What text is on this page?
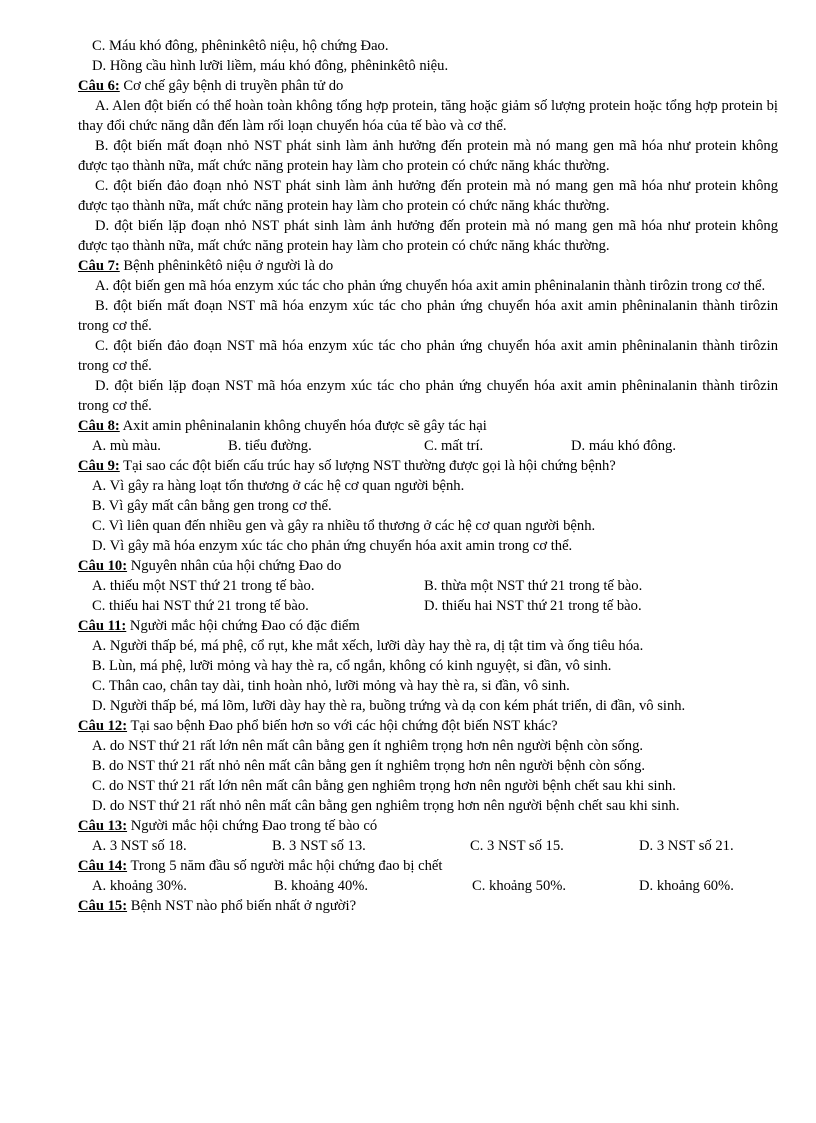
C. Máu khó đông, phêninkêtô niệu, hộ chứng Đao.

D. Hồng cầu hình lưỡi liềm, máu khó đông, phêninkêtô niệu.

Câu 6: Cơ chế gây bệnh di truyền phân tử do

A. Alen đột biến có thể hoàn toàn không tổng hợp protein, tăng hoặc giảm số lượng protein hoặc tổng hợp protein bị thay đổi chức năng dẫn đến làm rối loạn chuyển hóa của tế bào và cơ thể.

B. đột biến mất đoạn nhỏ NST phát sinh làm ảnh hưởng đến protein mà nó mang gen mã hóa như protein không được tạo thành nữa, mất chức năng protein hay làm cho protein có chức năng khác thường.

C. đột biến đảo đoạn nhỏ NST phát sinh làm ảnh hưởng đến protein mà nó mang gen mã hóa như protein không được tạo thành nữa, mất chức năng protein hay làm cho protein có chức năng khác thường.

D. đột biến lặp đoạn nhỏ NST phát sinh làm ảnh hưởng đến protein mà nó mang gen mã hóa như protein không được tạo thành nữa, mất chức năng protein hay làm cho protein có chức năng khác thường.

Câu 7: Bệnh phêninkêtô niệu ở người là do

A. đột biến gen mã hóa enzym xúc tác cho phản ứng chuyển hóa axit amin phêninalanin thành tirôzin trong cơ thể.

B. đột biến mất đoạn NST mã hóa enzym xúc tác cho phản ứng chuyển hóa axit amin phêninalanin thành tirôzin trong cơ thể.

C. đột biến đảo đoạn NST mã hóa enzym xúc tác cho phản ứng chuyển hóa axit amin phêninalanin thành tirôzin trong cơ thể.

D. đột biến lặp đoạn NST mã hóa enzym xúc tác cho phản ứng chuyển hóa axit amin phêninalanin thành tirôzin trong cơ thể.

Câu 8: Axit amin phêninalanin không chuyển hóa được sẽ gây tác hại

A. mù màu.	B. tiểu đường.	C. mất trí.	D. máu khó đông.

Câu 9: Tại sao các đột biến cấu trúc hay số lượng NST thường được gọi là hội chứng bệnh?

A. Vì gây ra hàng loạt tổn thương ở các hệ cơ quan người bệnh.

B. Vì gây mất cân bằng gen trong cơ thể.

C. Vì liên quan đến nhiều gen và gây ra nhiều tổ thương ở các hệ cơ quan người bệnh.

D. Vì gây mã hóa enzym xúc tác cho phản ứng chuyển hóa axit amin trong cơ thể.

Câu 10: Nguyên nhân của hội chứng Đao do

A. thiếu một NST thứ 21 trong tế bào.	B. thừa một NST thứ 21 trong tế bào.
C. thiếu hai NST thứ 21 trong tế bào.	D. thiếu hai NST thứ 21 trong tế bào.

Câu 11: Người mắc hội chứng Đao có đặc điểm

A. Người thấp bé, má phệ, cổ rụt, khe mắt xếch, lưỡi dày hay thè ra, dị tật tim và ống tiêu hóa.

B. Lùn, má phệ, lưỡi mỏng và hay thè ra, cổ ngắn, không có kinh nguyệt, si đần, vô sinh.

C. Thân cao, chân tay dài, tinh hoàn nhỏ, lưỡi mỏng và hay thè ra, si đần, vô sinh.

D. Người thấp bé, má lõm, lưỡi dày hay thè ra, buồng trứng và dạ con kém phát triển, di đần, vô sinh.

Câu 12: Tại sao bệnh Đao phổ biến hơn so với các hội chứng đột biến NST khác?

A. do NST thứ 21 rất lớn nên mất cân bằng gen ít nghiêm trọng hơn nên người bệnh còn sống.

B. do NST thứ 21 rất nhỏ nên mất cân bằng gen ít nghiêm trọng hơn nên người bệnh còn sống.

C. do NST thứ 21 rất lớn nên mất cân bằng gen nghiêm trọng hơn nên người bệnh chết sau khi sinh.

D. do NST thứ 21 rất nhỏ nên mất cân bằng gen nghiêm trọng hơn nên người bệnh chết sau khi sinh.

Câu 13: Người mắc hội chứng Đao trong tế bào có

A. 3 NST số 18.	B. 3 NST số 13.	C. 3 NST số 15.	D. 3 NST số 21.

Câu 14: Trong 5 năm đầu số người mắc hội chứng đao bị chết

A. khoảng 30%.	B. khoảng 40%.	C. khoảng 50%.	D. khoảng 60%.

Câu 15: Bệnh NST nào phổ biến nhất ở người?
